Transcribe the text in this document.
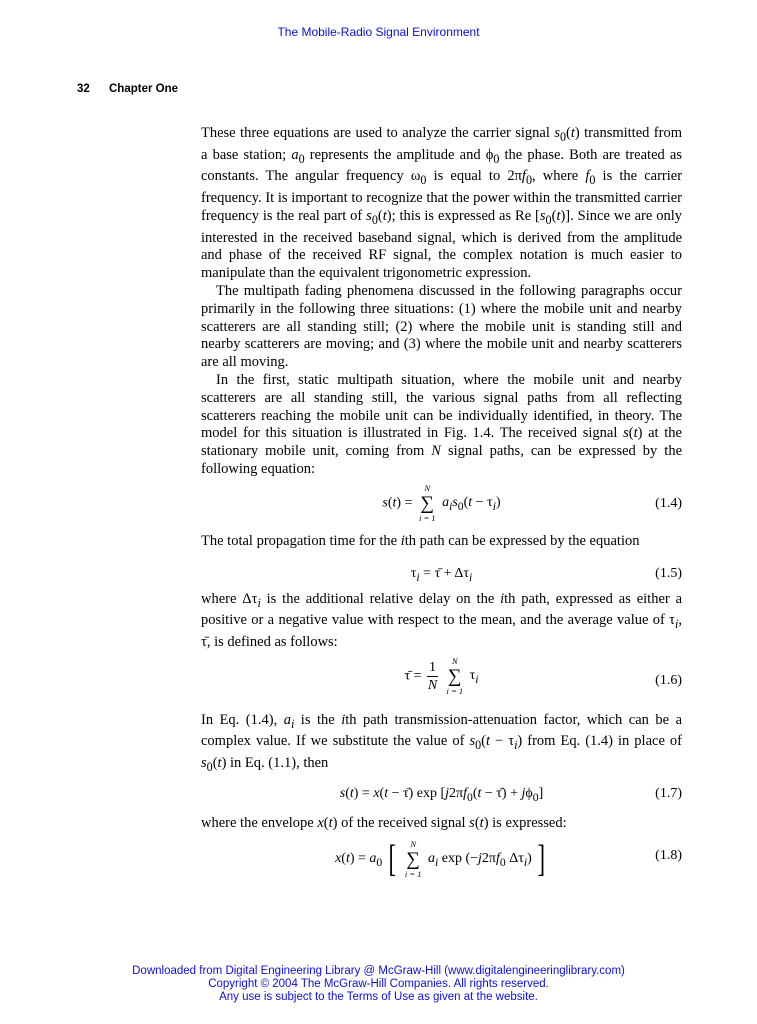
The Mobile-Radio Signal Environment
32 Chapter One

These three equations are used to analyze the carrier signal $s_0(t)$ transmitted from a base station; $a_0$ represents the amplitude and $\phi_0$ the phase. Both are treated as constants. The angular frequency $\omega_0$ is equal to $2\pi f_0$, where $f_0$ is the carrier frequency. It is important to recognize that the power within the transmitted carrier frequency is the real part of $s_0(t)$; this is expressed as Re $[s_0(t)]$. Since we are only interested in the received baseband signal, which is derived from the amplitude and phase of the received RF signal, the complex notation is much easier to manipulate than the equivalent trigonometric expression.

The multipath fading phenomena discussed in the following paragraphs occur primarily in the following three situations: (1) where the mobile unit and nearby scatterers are all standing still; (2) where the mobile unit is standing still and nearby scatterers are moving; and (3) where the mobile unit and nearby scatterers are all moving.

In the first, static multipath situation, where the mobile unit and nearby scatterers are all standing still, the various signal paths from all reflecting scatterers reaching the mobile unit can be individually identified, in theory. The model for this situation is illustrated in Fig. 1.4. The received signal s(t) at the stationary mobile unit, coming from N signal paths, can be expressed by the following equation:

s(t) =
N
∑
i = 1
$a_is_0(t - \tau_i)$	(1.4)

The total propagation time for the ith path can be expressed by the equation

$\tau_i$ = τ̄ + $\Delta\tau_i$	(1.5)

where $\Delta\tau_i$ is the additional relative delay on the ith path, expressed as either a positive or a negative value with respect to the mean, and the average value of $\tau_i$, τ̄, is defined as follows:

τ̄ = $\frac{1}{N}$
	N
∑
i = 1
$\tau_i$	(1.6)

In Eq. (1.4), $a_i$ is the ith path transmission-attenuation factor, which can be a complex value. If we substitute the value of $s_0(t - \tau_i)$ from Eq. (1.4) in place of $s_0(t)$ in Eq. (1.1), then

s(t) = x(t − τ̄) $\exp [j2\pi f_0(t$ − τ̄) + $j\phi_0$]	(1.7)

where the envelope x(t) of the received signal s(t) is expressed:

$x(t) = a_0$ [	N
∑
i = 1
$a_i$ $\exp (-j2\pi f_0$ $\Delta\tau_i$) ]	(1.8)
Downloaded from Digital Engineering Library @ McGraw-Hill (www.digitalengineeringlibrary.com)
Copyright © 2004 The McGraw-Hill Companies. All rights reserved.
Any use is subject to the Terms of Use as given at the website.
